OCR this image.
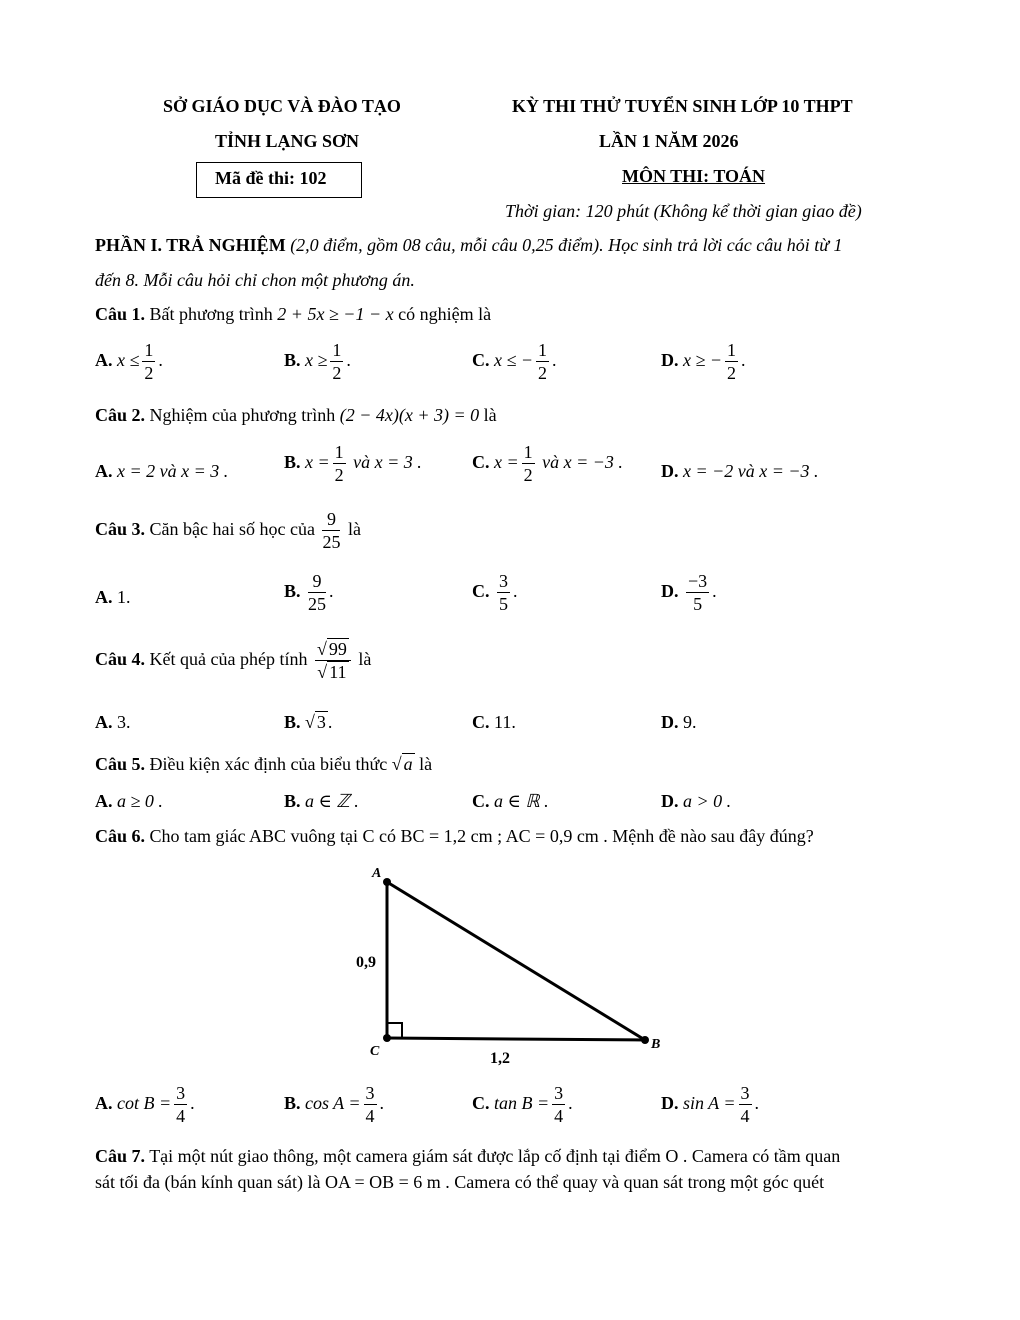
SỞ GIÁO DỤC VÀ ĐÀO TẠO
TỈNH LẠNG SƠN
Mã đề thi: 102
KỲ THI THỬ TUYỂN SINH LỚP 10 THPT
LẦN 1 NĂM 2026
MÔN THI: TOÁN
Thời gian: 120 phút (Không kể thời gian giao đề)
PHẦN I. TRẢ NGHIỆM (2,0 điểm, gồm 08 câu, mỗi câu 0,25 điểm). Học sinh trả lời các câu hỏi từ 1
đến 8. Mỗi câu hỏi chỉ chon một phương án.
Câu 1. Bất phương trình 2 + 5x ≥ −1 − x có nghiệm là
A. $x \le \frac{1}{2}$ .	B. $x \ge \frac{1}{2}$ .	C. x ≤ − $\frac{1}{2}$ .	D. x ≥ − $\frac{1}{2}$ .
Câu 2. Nghiệm của phương trình (2 − 4x)(x + 3) = 0 là
A. x = 2 và x = 3 .	B. $x = \frac{1}{2}$ và x = 3 .	C. $x = \frac{1}{2}$ và x = −3 . D. x = −2 và x = −3 .
Câu 3. Căn bậc hai số học của $\frac{9}{25}$ là
A. 1.	B. $\frac{9}{25}$ .	C. $\frac{3}{5}$ .	D. $\frac{-3}{5}$ .
Câu 4. Kết quả của phép tính $\frac{√ 99}{√ 11}$ là
A. 3.	B. √ 3 .	C. 11.	D. 9.
Câu 5. Điều kiện xác định của biểu thức √ a là
A. a ≥ 0 .	B. a ∈ ℤ .	C. a ∈ ℝ .	D. a > 0 .
Câu 6. Cho tam giác ABC vuông tại C có BC = 1,2 cm ; AC = 0,9 cm . Mệnh đề nào sau đây đúng?
A
C	B
0,9
1,2
A. $\cot B = \frac{3}{4}$ .	B. $\cos A = \frac{3}{4}$ .	C. $\tan B = \frac{3}{4}$ .	D. $\sin A = \frac{3}{4}$ .
Câu 7. Tại một nút giao thông, một camera giám sát được lắp cố định tại điểm O . Camera có tầm quan
sát tối đa (bán kính quan sát) là OA = OB = 6 m . Camera có thể quay và quan sát trong một góc quét
